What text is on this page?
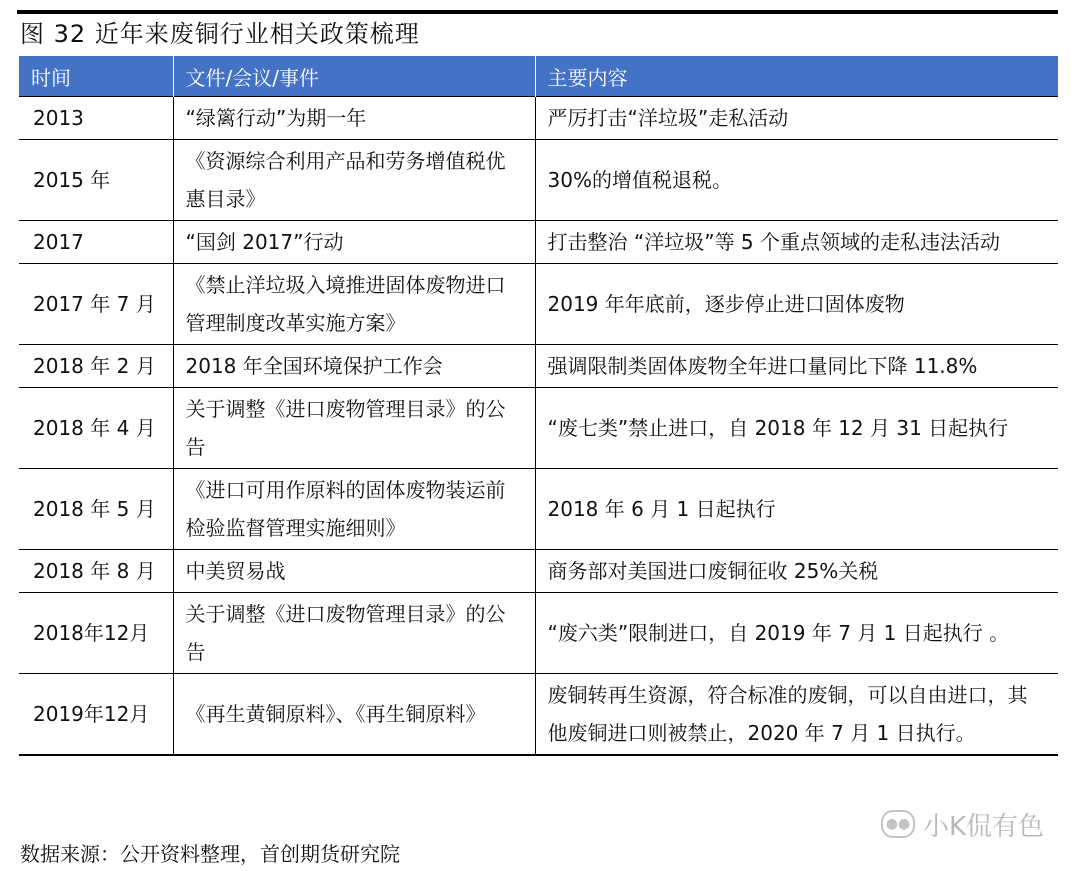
图 32 近年来废铜行业相关政策梳理
时间	文件/会议/事件	主要内容
2013	“绿篱行动”为期一年	严厉打击“洋垃圾”走私活动
2015 年	《资源综合利用产品和劳务增值税优惠目录》	30%的增值税退税。
2017	“国剑 2017”行动	打击整治 “洋垃圾”等 5 个重点领域的走私违法活动
2017 年 7 月	《禁止洋垃圾入境推进固体废物进口管理制度改革实施方案》	2019 年年底前，逐步停止进口固体废物
2018 年 2 月	2018 年全国环境保护工作会	强调限制类固体废物全年进口量同比下降 11.8%
2018 年 4 月	关于调整《进口废物管理目录》的公告	“废七类”禁止进口，自 2018 年 12 月 31 日起执行
2018 年 5 月	《进口可用作原料的固体废物装运前检验监督管理实施细则》	2018 年 6 月 1 日起执行
2018 年 8 月	中美贸易战	商务部对美国进口废铜征收 25%关税
2018年12月	关于调整《进口废物管理目录》的公告	“废六类”限制进口，自 2019 年 7 月 1 日起执行 。
2019年12月	《再生黄铜原料》、《再生铜原料》	废铜转再生资源，符合标准的废铜，可以自由进口，其他废铜进口则被禁止，2020 年 7 月 1 日执行。
数据来源：公开资料整理，首创期货研究院
●● 小K侃有色
